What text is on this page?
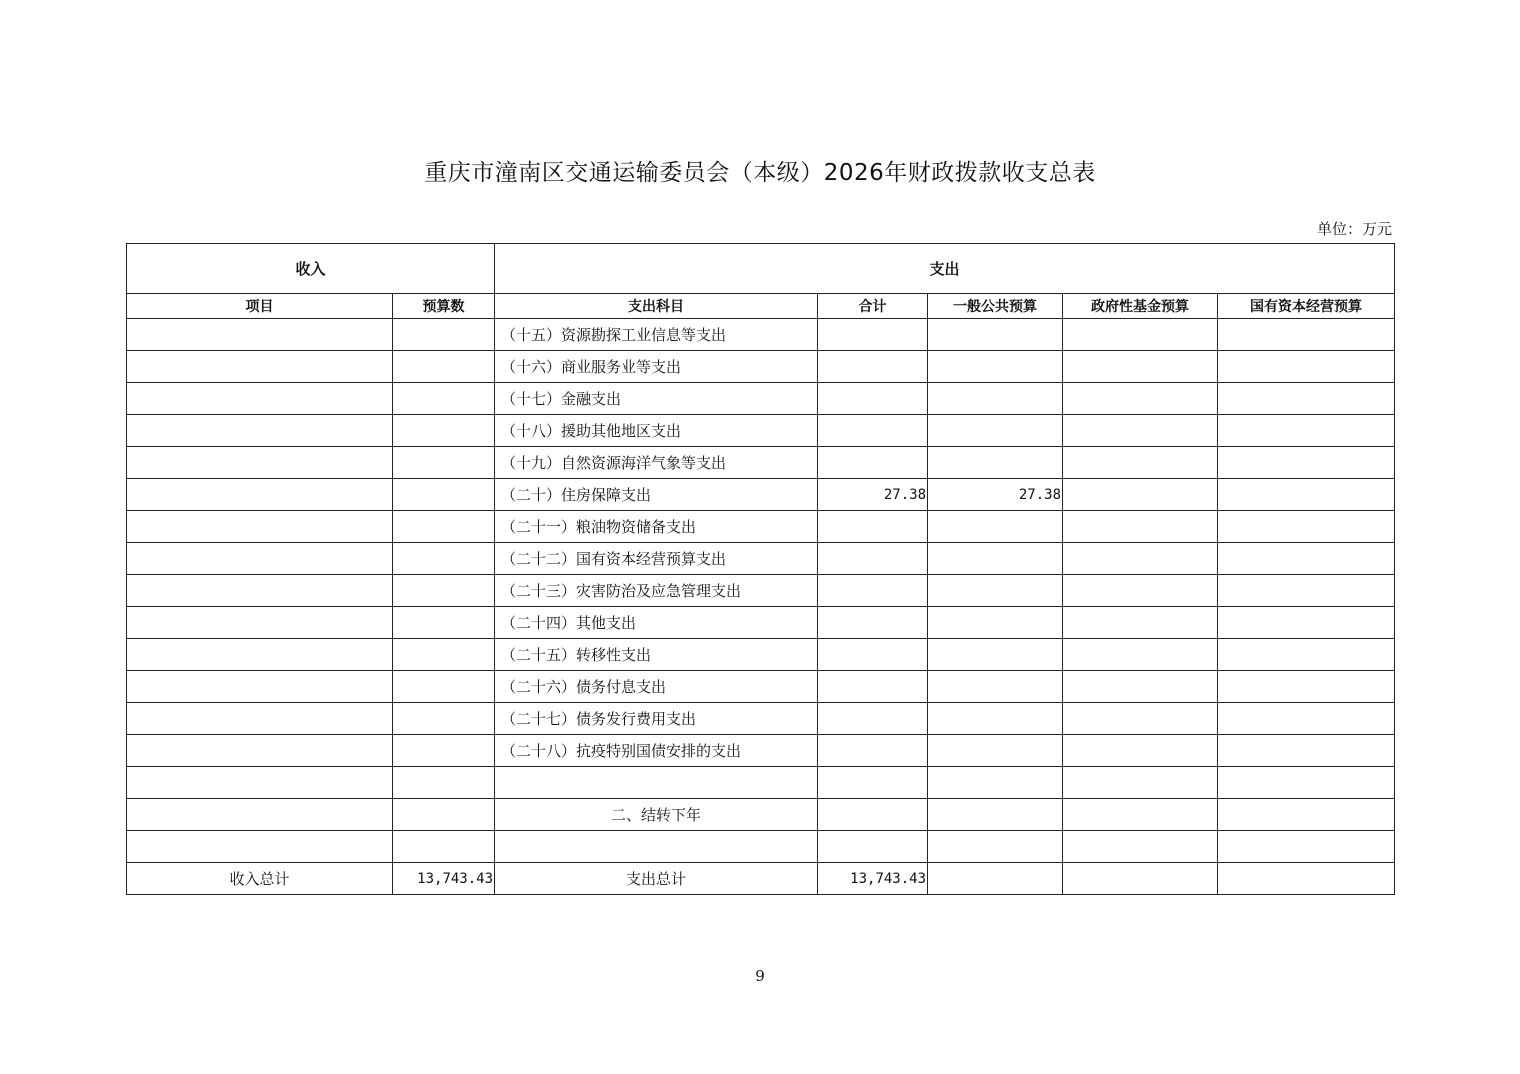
重庆市潼南区交通运输委员会（本级）2026年财政拨款收支总表
单位：万元
收入		支出				
项目	预算数	支出科目	合计	一般公共预算	政府性基金预算	国有资本经营预算
		（十五）资源勘探工业信息等支出				
		（十六）商业服务业等支出				
		（十七）金融支出				
		（十八）援助其他地区支出				
		（十九）自然资源海洋气象等支出				
		（二十）住房保障支出	27.38	27.38		
		（二十一）粮油物资储备支出				
		（二十二）国有资本经营预算支出				
		（二十三）灾害防治及应急管理支出				
		（二十四）其他支出				
		（二十五）转移性支出				
		（二十六）债务付息支出				
		（二十七）债务发行费用支出				
		（二十八）抗疫特别国债安排的支出				

		二、结转下年				

收入总计	13,743.43	支出总计	13,743.43			
9
